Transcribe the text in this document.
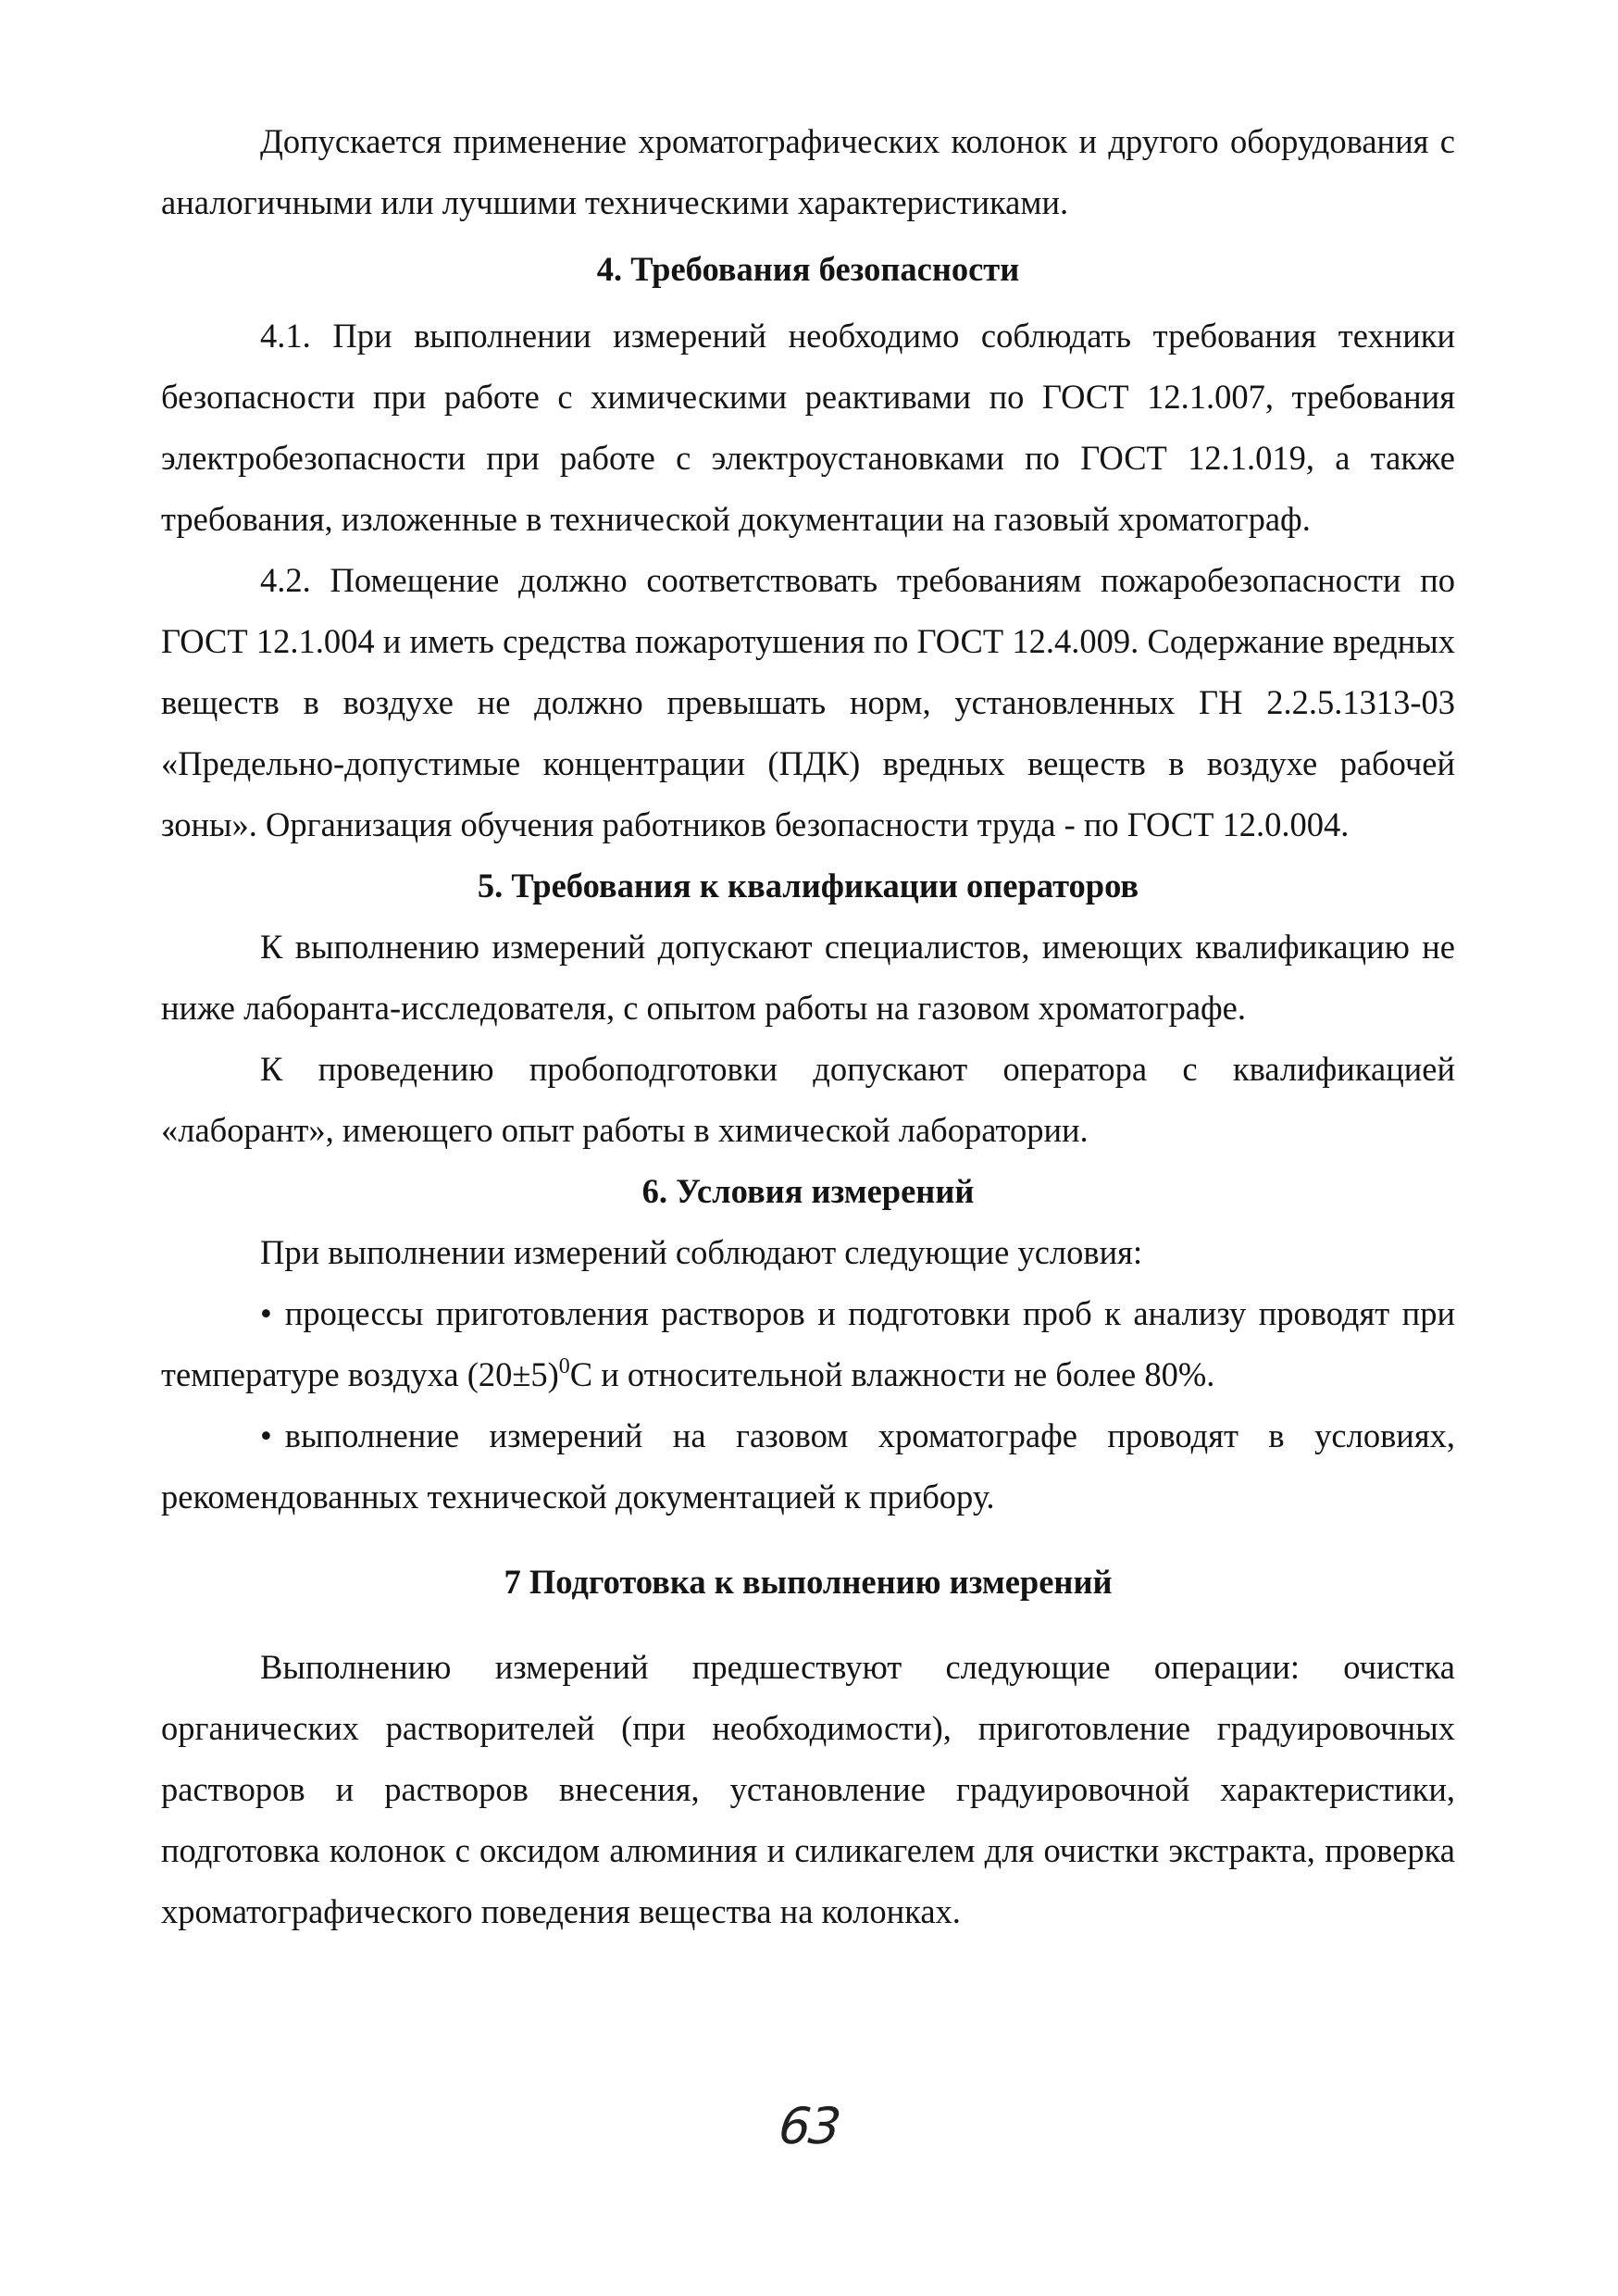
Допускается применение хроматографических колонок и другого оборудования с аналогичными или лучшими техническими характеристиками.

4. Требования безопасности

4.1. При выполнении измерений необходимо соблюдать требования техники безопасности при работе с химическими реактивами по ГОСТ 12.1.007, требования электробезопасности при работе с электроустановками по ГОСТ 12.1.019, а также требования, изложенные в технической документации на газовый хроматограф.

4.2. Помещение должно соответствовать требованиям пожаробезопасности по ГОСТ 12.1.004 и иметь средства пожаротушения по ГОСТ 12.4.009. Содержание вредных веществ в воздухе не должно превышать норм, установленных ГН 2.2.5.1313-03 «Предельно-допустимые концентрации (ПДК) вредных веществ в воздухе рабочей зоны». Организация обучения работников безопасности труда - по ГОСТ 12.0.004.

5. Требования к квалификации операторов

К выполнению измерений допускают специалистов, имеющих квалификацию не ниже лаборанта-исследователя, с опытом работы на газовом хроматографе.

К проведению пробоподготовки допускают оператора с квалификацией «лаборант», имеющего опыт работы в химической лаборатории.

6. Условия измерений

При выполнении измерений соблюдают следующие условия:

• процессы приготовления растворов и подготовки проб к анализу проводят при температуре воздуха $(20\pm 5)^0С$ и относительной влажности не более 80%.

• выполнение измерений на газовом хроматографе проводят в условиях, рекомендованных технической документацией к прибору.

7 Подготовка к выполнению измерений

Выполнению измерений предшествуют следующие операции: очистка органических растворителей (при необходимости), приготовление градуировочных растворов и растворов внесения, установление градуировочной характеристики, подготовка колонок с оксидом алюминия и силикагелем для очистки экстракта, проверка хроматографического поведения вещества на колонках.

63
